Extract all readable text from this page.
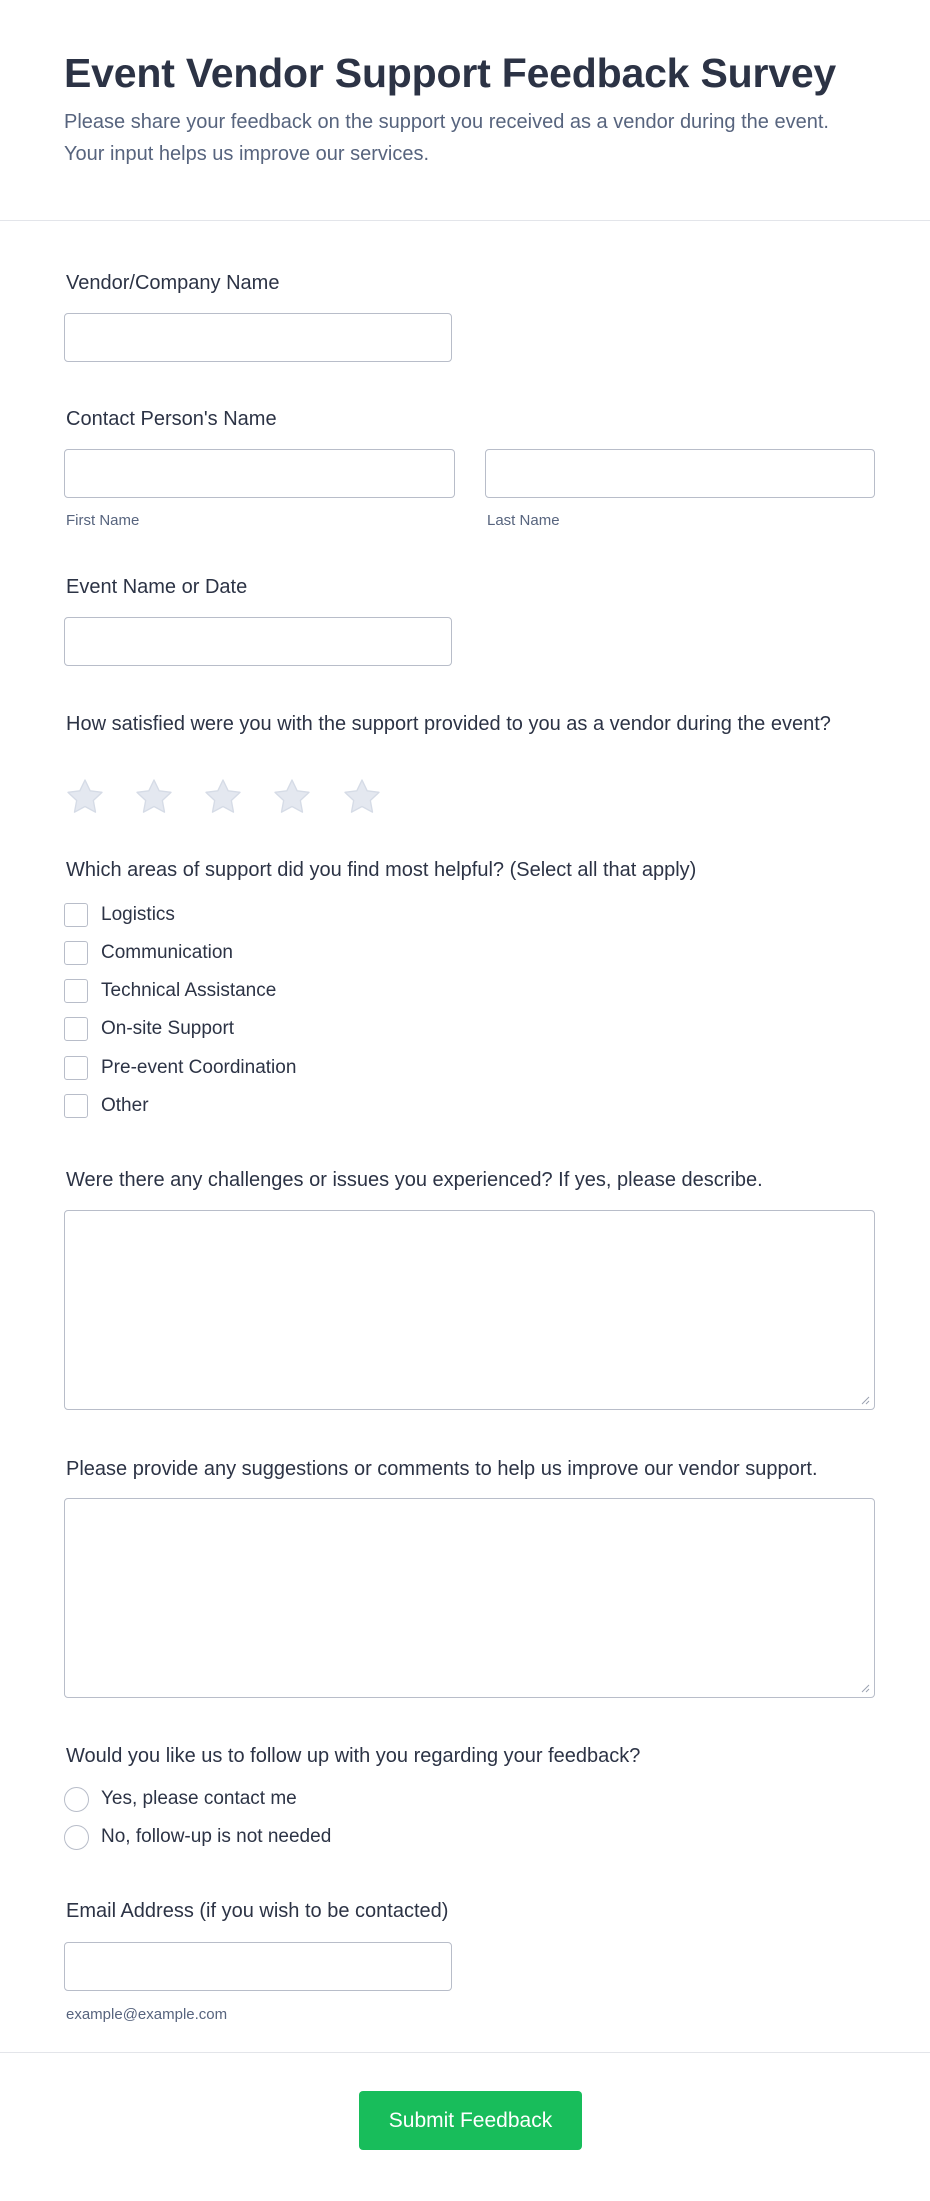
Event Vendor Support Feedback Survey

Please share your feedback on the support you received as a vendor during the event. Your input helps us improve our services.

Vendor/Company Name
Contact Person's Name
First Name	Last Name
Event Name or Date
How satisfied were you with the support provided to you as a vendor during the event?
Which areas of support did you find most helpful? (Select all that apply)
Logistics
Communication
Technical Assistance
On-site Support
Pre-event Coordination
Other
Were there any challenges or issues you experienced? If yes, please describe.
Please provide any suggestions or comments to help us improve our vendor support.
Would you like us to follow up with you regarding your feedback?
Yes, please contact me
No, follow-up is not needed
Email Address (if you wish to be contacted)
example@example.com
Submit Feedback
